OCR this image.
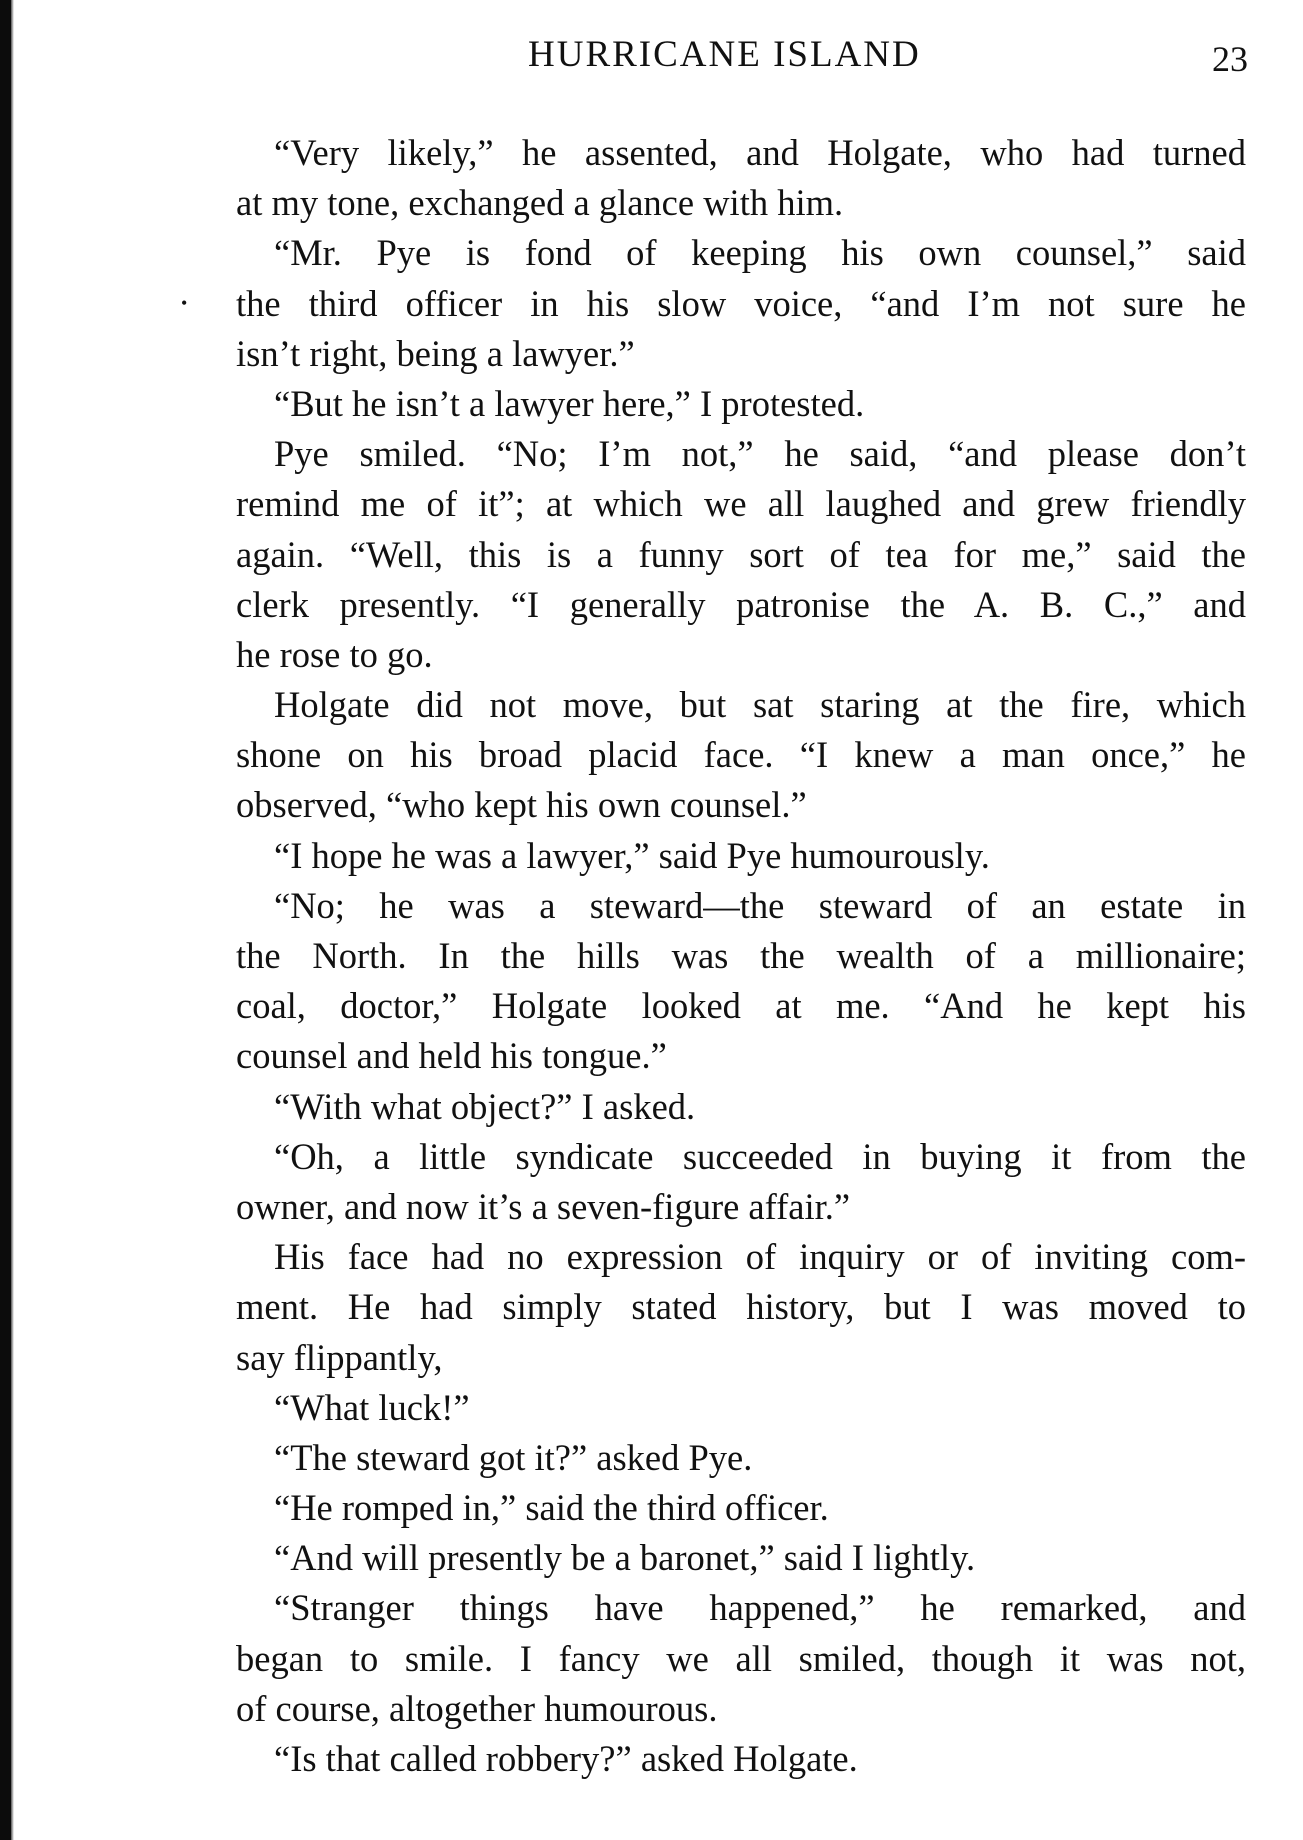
HURRICANE ISLAND	23
•
“Very likely,” he assented, and Holgate, who had turned
at my tone, exchanged a glance with him.
“Mr. Pye is fond of keeping his own counsel,” said
the third officer in his slow voice, “and I’m not sure he
isn’t right, being a lawyer.”
“But he isn’t a lawyer here,” I protested.
Pye smiled. “No; I’m not,” he said, “and please don’t
remind me of it”; at which we all laughed and grew friendly
again. “Well, this is a funny sort of tea for me,” said the
clerk presently. “I generally patronise the A. B. C.,” and
he rose to go.
Holgate did not move, but sat staring at the fire, which
shone on his broad placid face. “I knew a man once,” he
observed, “who kept his own counsel.”
“I hope he was a lawyer,” said Pye humourously.
“No; he was a steward—the steward of an estate in
the North. In the hills was the wealth of a millionaire;
coal, doctor,” Holgate looked at me. “And he kept his
counsel and held his tongue.”
“With what object?” I asked.
“Oh, a little syndicate succeeded in buying it from the
owner, and now it’s a seven-figure affair.”
His face had no expression of inquiry or of inviting com-
ment. He had simply stated history, but I was moved to
say flippantly,
“What luck!”
“The steward got it?” asked Pye.
“He romped in,” said the third officer.
“And will presently be a baronet,” said I lightly.
“Stranger things have happened,” he remarked, and
began to smile. I fancy we all smiled, though it was not,
of course, altogether humourous.
“Is that called robbery?” asked Holgate.
